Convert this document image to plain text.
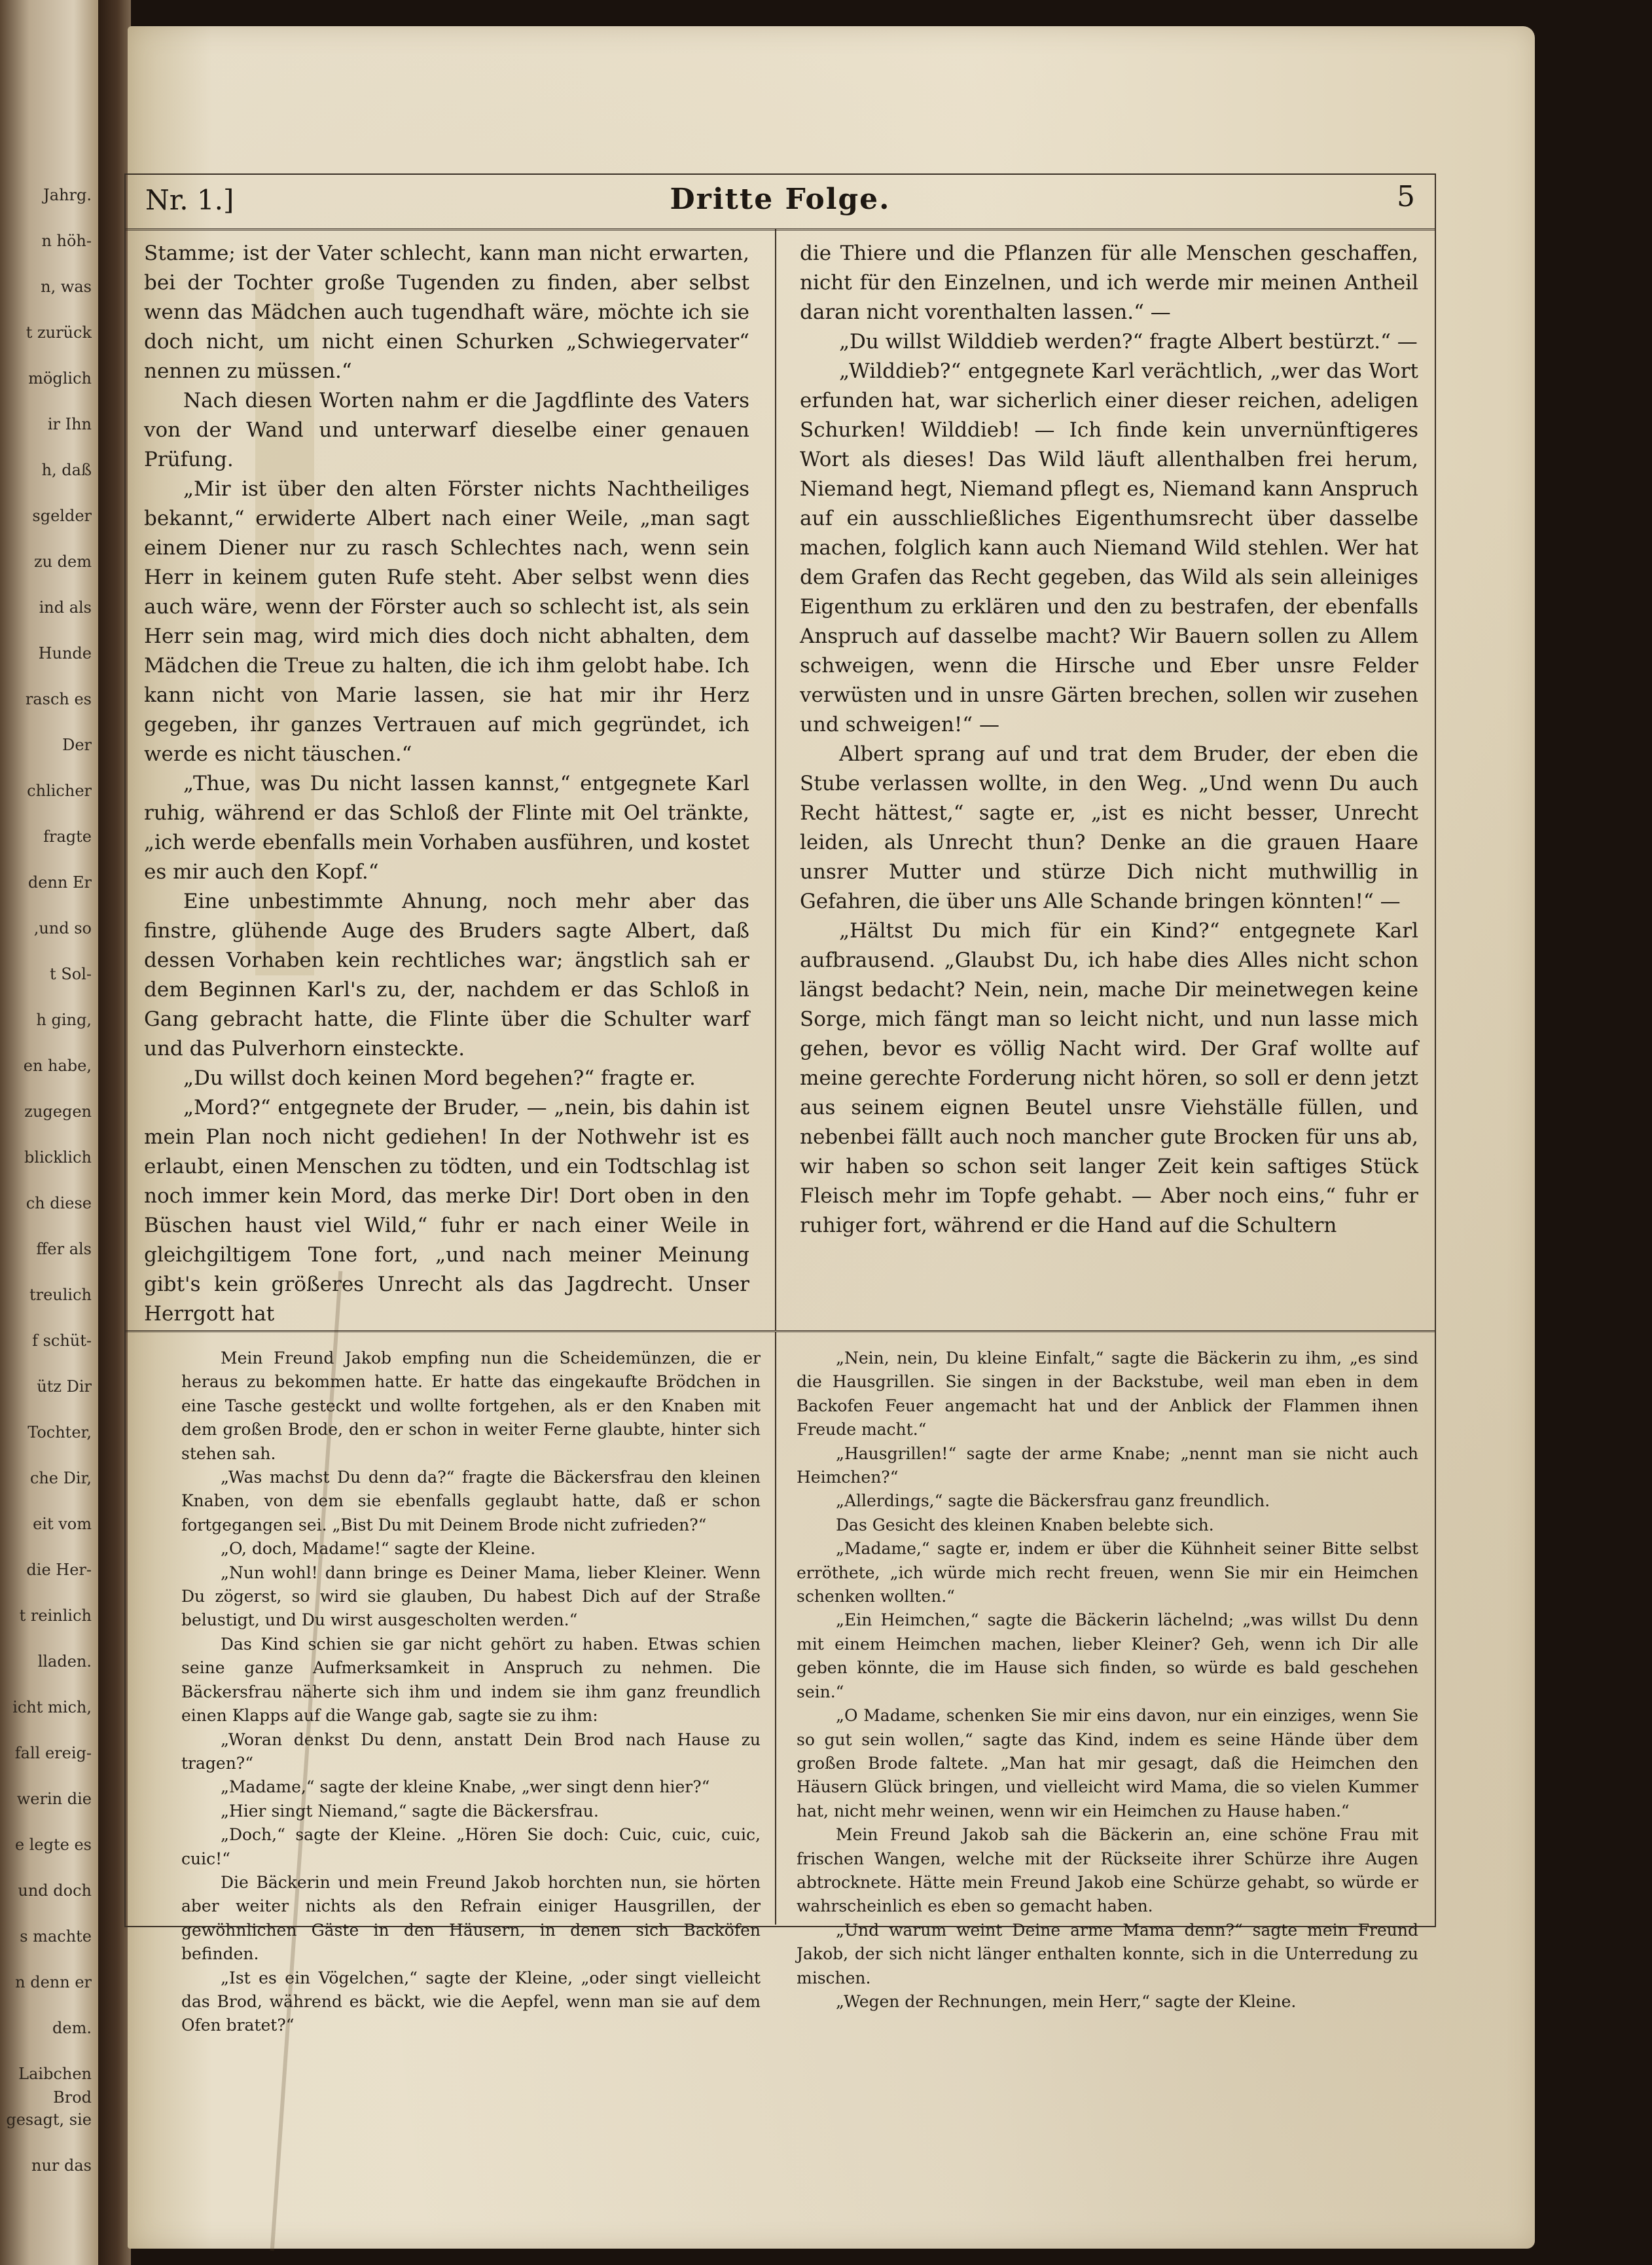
Jahrg.
n höh-
n, was
t zurück
möglich
ir Ihn
h, daß
sgelder
zu dem
ind als
Hunde
rasch es
Der
chlicher
fragte
denn Er
,und so
t Sol-
h ging,
en habe,
zugegen
blicklich
ch diese
ffer als
treulich
f schüt-
ütz Dir
Tochter,
che Dir,
eit vom
die Her-
t reinlich
lladen.
icht mich,
fall ereig-
werin die
e legte es
und doch
s machte
n denn er
dem.
Laibchen Brod
gesagt, sie
nur das
Nr. 1.]	Dritte Folge.	5

Stamme; ist der Vater schlecht, kann man nicht erwarten, bei der Tochter große Tugenden zu finden, aber selbst wenn das Mädchen auch tugendhaft wäre, möchte ich sie doch nicht, um nicht einen Schurken „Schwiegervater“ nennen zu müssen.“

Nach diesen Worten nahm er die Jagdflinte des Vaters von der Wand und unterwarf dieselbe einer genauen Prüfung.

„Mir ist über den alten Förster nichts Nachtheiliges bekannt,“ erwiderte Albert nach einer Weile, „man sagt einem Diener nur zu rasch Schlechtes nach, wenn sein Herr in keinem guten Rufe steht. Aber selbst wenn dies auch wäre, wenn der Förster auch so schlecht ist, als sein Herr sein mag, wird mich dies doch nicht abhalten, dem Mädchen die Treue zu halten, die ich ihm gelobt habe. Ich kann nicht von Marie lassen, sie hat mir ihr Herz gegeben, ihr ganzes Vertrauen auf mich gegründet, ich werde es nicht täuschen.“

„Thue, was Du nicht lassen kannst,“ entgegnete Karl ruhig, während er das Schloß der Flinte mit Oel tränkte, „ich werde ebenfalls mein Vorhaben ausführen, und kostet es mir auch den Kopf.“

Eine unbestimmte Ahnung, noch mehr aber das finstre, glühende Auge des Bruders sagte Albert, daß dessen Vorhaben kein rechtliches war; ängstlich sah er dem Beginnen Karl's zu, der, nachdem er das Schloß in Gang gebracht hatte, die Flinte über die Schulter warf und das Pulverhorn einsteckte.

„Du willst doch keinen Mord begehen?“ fragte er.

„Mord?“ entgegnete der Bruder, — „nein, bis dahin ist mein Plan noch nicht gediehen! In der Nothwehr ist es erlaubt, einen Menschen zu tödten, und ein Todtschlag ist noch immer kein Mord, das merke Dir! Dort oben in den Büschen haust viel Wild,“ fuhr er nach einer Weile in gleichgiltigem Tone fort, „und nach meiner Meinung gibt's kein größeres Unrecht als das Jagdrecht. Unser Herrgott hat

die Thiere und die Pflanzen für alle Menschen geschaffen, nicht für den Einzelnen, und ich werde mir meinen Antheil daran nicht vorenthalten lassen.“ —

„Du willst Wilddieb werden?“ fragte Albert bestürzt.“ —

„Wilddieb?“ entgegnete Karl verächtlich, „wer das Wort erfunden hat, war sicherlich einer dieser reichen, adeligen Schurken! Wilddieb! — Ich finde kein unvernünftigeres Wort als dieses! Das Wild läuft allenthalben frei herum, Niemand hegt, Niemand pflegt es, Niemand kann Anspruch auf ein ausschließliches Eigenthumsrecht über dasselbe machen, folglich kann auch Niemand Wild stehlen. Wer hat dem Grafen das Recht gegeben, das Wild als sein alleiniges Eigenthum zu erklären und den zu bestrafen, der ebenfalls Anspruch auf dasselbe macht? Wir Bauern sollen zu Allem schweigen, wenn die Hirsche und Eber unsre Felder verwüsten und in unsre Gärten brechen, sollen wir zusehen und schweigen!“ —

Albert sprang auf und trat dem Bruder, der eben die Stube verlassen wollte, in den Weg. „Und wenn Du auch Recht hättest,“ sagte er, „ist es nicht besser, Unrecht leiden, als Unrecht thun? Denke an die grauen Haare unsrer Mutter und stürze Dich nicht muthwillig in Gefahren, die über uns Alle Schande bringen könnten!“ —

„Hältst Du mich für ein Kind?“ entgegnete Karl aufbrausend. „Glaubst Du, ich habe dies Alles nicht schon längst bedacht? Nein, nein, mache Dir meinetwegen keine Sorge, mich fängt man so leicht nicht, und nun lasse mich gehen, bevor es völlig Nacht wird. Der Graf wollte auf meine gerechte Forderung nicht hören, so soll er denn jetzt aus seinem eignen Beutel unsre Viehställe füllen, und nebenbei fällt auch noch mancher gute Brocken für uns ab, wir haben so schon seit langer Zeit kein saftiges Stück Fleisch mehr im Topfe gehabt. — Aber noch eins,“ fuhr er ruhiger fort, während er die Hand auf die Schultern

Mein Freund Jakob empfing nun die Scheidemünzen, die er heraus zu bekommen hatte. Er hatte das eingekaufte Brödchen in eine Tasche gesteckt und wollte fortgehen, als er den Knaben mit dem großen Brode, den er schon in weiter Ferne glaubte, hinter sich stehen sah.

„Was machst Du denn da?“ fragte die Bäckersfrau den kleinen Knaben, von dem sie ebenfalls geglaubt hatte, daß er schon fortgegangen sei. „Bist Du mit Deinem Brode nicht zufrieden?“

„O, doch, Madame!“ sagte der Kleine.

„Nun wohl! dann bringe es Deiner Mama, lieber Kleiner. Wenn Du zögerst, so wird sie glauben, Du habest Dich auf der Straße belustigt, und Du wirst ausgescholten werden.“

Das Kind schien sie gar nicht gehört zu haben. Etwas schien seine ganze Aufmerksamkeit in Anspruch zu nehmen. Die Bäckersfrau näherte sich ihm und indem sie ihm ganz freundlich einen Klapps auf die Wange gab, sagte sie zu ihm:

„Woran denkst Du denn, anstatt Dein Brod nach Hause zu tragen?“

„Madame,“ sagte der kleine Knabe, „wer singt denn hier?“

„Hier singt Niemand,“ sagte die Bäckersfrau.

„Doch,“ sagte der Kleine. „Hören Sie doch: Cuic, cuic, cuic, cuic!“

Die Bäckerin und mein Freund Jakob horchten nun, sie hörten aber weiter nichts als den Refrain einiger Hausgrillen, der gewöhnlichen Gäste in den Häusern, in denen sich Backöfen befinden.

„Ist es ein Vögelchen,“ sagte der Kleine, „oder singt vielleicht das Brod, während es bäckt, wie die Aepfel, wenn man sie auf dem Ofen bratet?“

„Nein, nein, Du kleine Einfalt,“ sagte die Bäckerin zu ihm, „es sind die Hausgrillen. Sie singen in der Backstube, weil man eben in dem Backofen Feuer angemacht hat und der Anblick der Flammen ihnen Freude macht.“

„Hausgrillen!“ sagte der arme Knabe; „nennt man sie nicht auch Heimchen?“

„Allerdings,“ sagte die Bäckersfrau ganz freundlich.

Das Gesicht des kleinen Knaben belebte sich.

„Madame,“ sagte er, indem er über die Kühnheit seiner Bitte selbst erröthete, „ich würde mich recht freuen, wenn Sie mir ein Heimchen schenken wollten.“

„Ein Heimchen,“ sagte die Bäckerin lächelnd; „was willst Du denn mit einem Heimchen machen, lieber Kleiner? Geh, wenn ich Dir alle geben könnte, die im Hause sich finden, so würde es bald geschehen sein.“

„O Madame, schenken Sie mir eins davon, nur ein einziges, wenn Sie so gut sein wollen,“ sagte das Kind, indem es seine Hände über dem großen Brode faltete. „Man hat mir gesagt, daß die Heimchen den Häusern Glück bringen, und vielleicht wird Mama, die so vielen Kummer hat, nicht mehr weinen, wenn wir ein Heimchen zu Hause haben.“

Mein Freund Jakob sah die Bäckerin an, eine schöne Frau mit frischen Wangen, welche mit der Rückseite ihrer Schürze ihre Augen abtrocknete. Hätte mein Freund Jakob eine Schürze gehabt, so würde er wahrscheinlich es eben so gemacht haben.

„Und warum weint Deine arme Mama denn?“ sagte mein Freund Jakob, der sich nicht länger enthalten konnte, sich in die Unterredung zu mischen.

„Wegen der Rechnungen, mein Herr,“ sagte der Kleine.
